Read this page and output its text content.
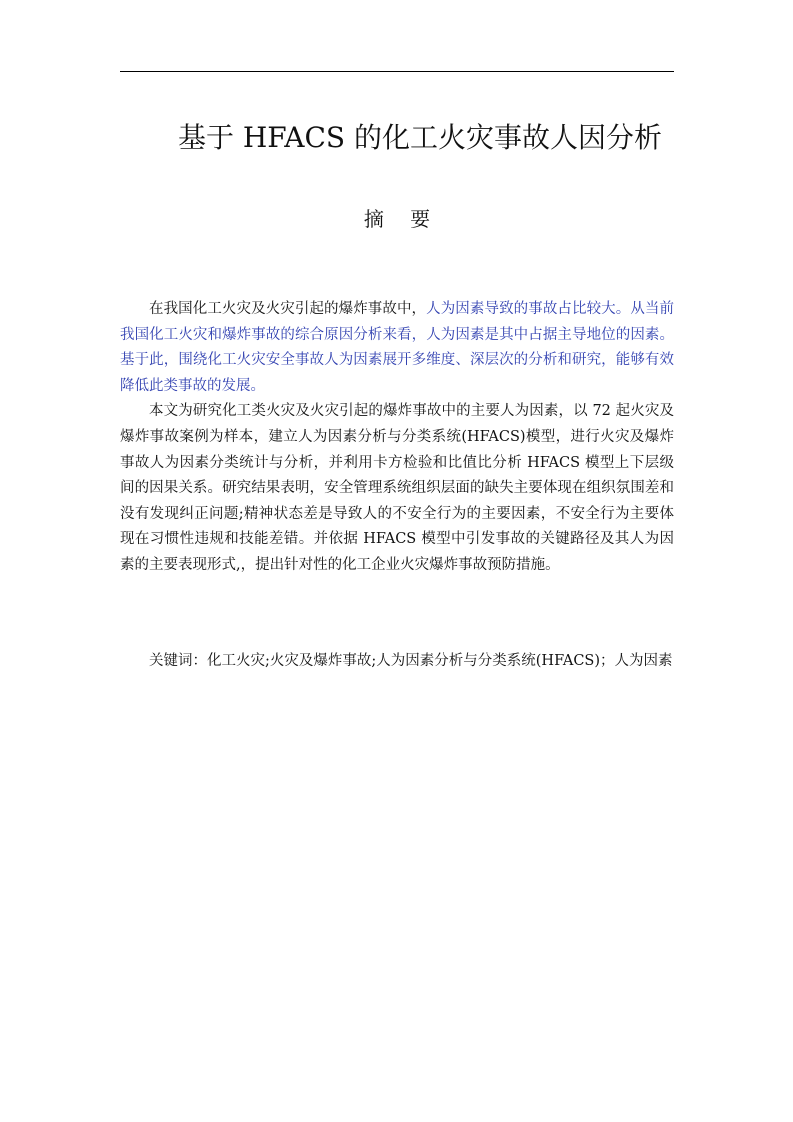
基于 HFACS 的化工火灾事故人因分析
摘 要

在我国化工火灾及火灾引起的爆炸事故中，人为因素导致的事故占比较大。从当前我国化工火灾和爆炸事故的综合原因分析来看，人为因素是其中占据主导地位的因素。基于此，围绕化工火灾安全事故人为因素展开多维度、深层次的分析和研究，能够有效降低此类事故的发展。

本文为研究化工类火灾及火灾引起的爆炸事故中的主要人为因素，以 72 起火灾及爆炸事故案例为样本，建立人为因素分析与分类系统(HFACS)模型，进行火灾及爆炸事故人为因素分类统计与分析，并利用卡方检验和比值比分析 HFACS 模型上下层级间的因果关系。研究结果表明，安全管理系统组织层面的缺失主要体现在组织氛围差和没有发现纠正问题;精神状态差是导致人的不安全行为的主要因素，不安全行为主要体现在习惯性违规和技能差错。并依据 HFACS 模型中引发事故的关键路径及其人为因素的主要表现形式,，提出针对性的化工企业火灾爆炸事故预防措施。

关键词：化工火灾;火灾及爆炸事故;人为因素分析与分类系统(HFACS)；人为因素
